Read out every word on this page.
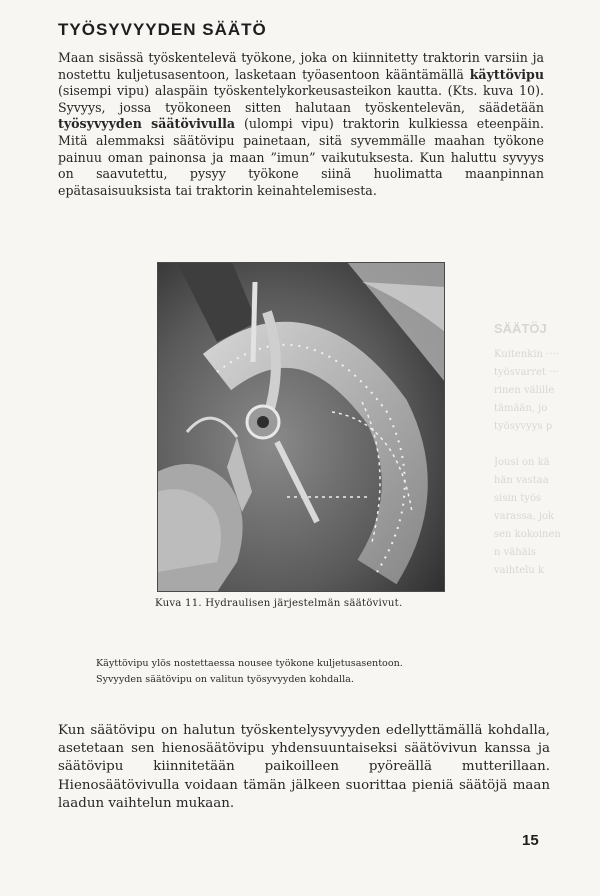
TYÖSYVYYDEN SÄÄTÖ
Maan sisässä työskentelevä työkone, joka on kiinnitetty traktorin varsiin ja nostettu kuljetusasentoon, lasketaan työasentoon kääntämällä käyttövipu (sisempi vipu) alaspäin työskentelykorkeusasteikon kautta. (Kts. kuva 10). Syvyys, jossa työkoneen sitten halutaan työskentelevän, säädetään työsyvyyden säätövivulla (ulompi vipu) traktorin kulkiessa eteenpäin. Mitä alemmaksi säätövipu painetaan, sitä syvemmälle maahan työkone painuu oman painonsa ja maan ”imun” vaikutuksesta. Kun haluttu syvyys on saavutettu, pysyy työkone siinä huolimatta maanpinnan epätasaisuuksista tai traktorin keinahtelemisesta.
SÄÄTÖJ
Kuitenkin ····
työsvarret ···
rinen välille
tämään, jo
työsyvyys p

Jousi on kä
hän vastaa
sisin työs
varassa, jok
sen kokoinen
n vähäis
vaihtelu k
Kuva 11. Hydraulisen järjestelmän säätövivut.
Käyttövipu ylös nostettaessa nousee työkone kuljetusasentoon.
Syvyyden säätövipu on valitun työsyvyyden kohdalla.
Kun säätövipu on halutun työskentelysyvyyden edellyttämällä kohdalla, asetetaan sen hienosäätövipu yhdensuuntaiseksi säätövivun kanssa ja säätövipu kiinnitetään paikoilleen pyöreällä mutterillaan. Hienosäätövivulla voidaan tämän jälkeen suorittaa pieniä säätöjä maan laadun vaihtelun mukaan.
15
